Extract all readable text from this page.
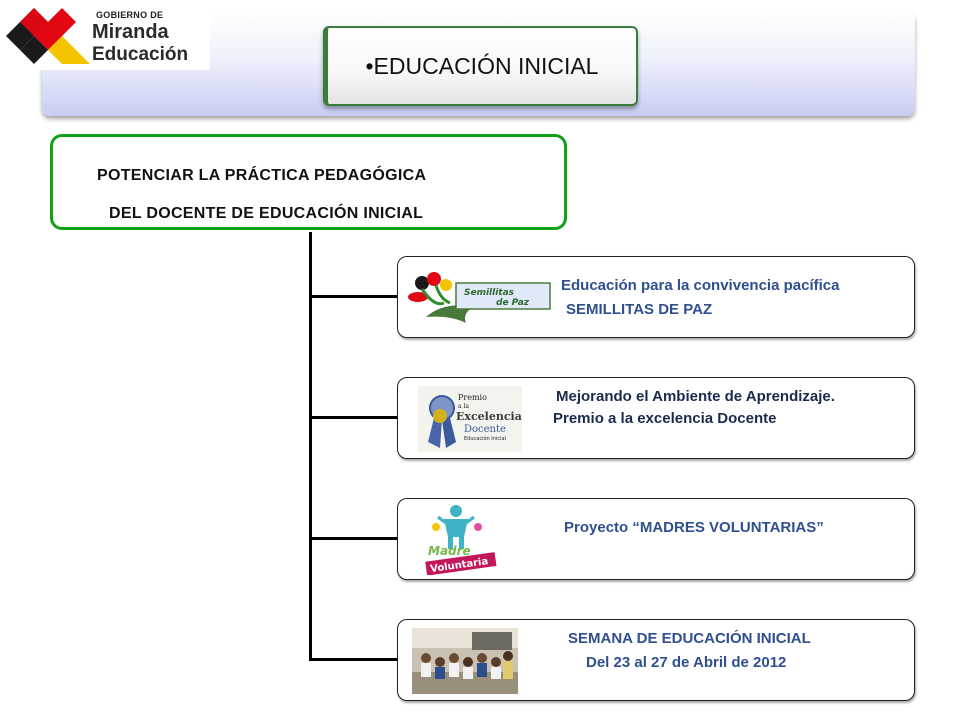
GOBIERNO DE
Miranda
Educación	•EDUCACIÓN INICIAL
POTENCIAR LA PRÁCTICA PEDAGÓGICA
DEL DOCENTE DE EDUCACIÓN INICIAL
Semillitas
de Paz
Educación para la convivencia pacífica
SEMILLITAS DE PAZ
Premio
a la
Excelencia
Docente
Educación Inicial
Mejorando el Ambiente de Aprendizaje.
Premio a la excelencia Docente
Madre
Voluntaria
Proyecto “MADRES VOLUNTARIAS”
SEMANA DE EDUCACIÓN INICIAL
Del 23 al 27 de Abril de 2012
